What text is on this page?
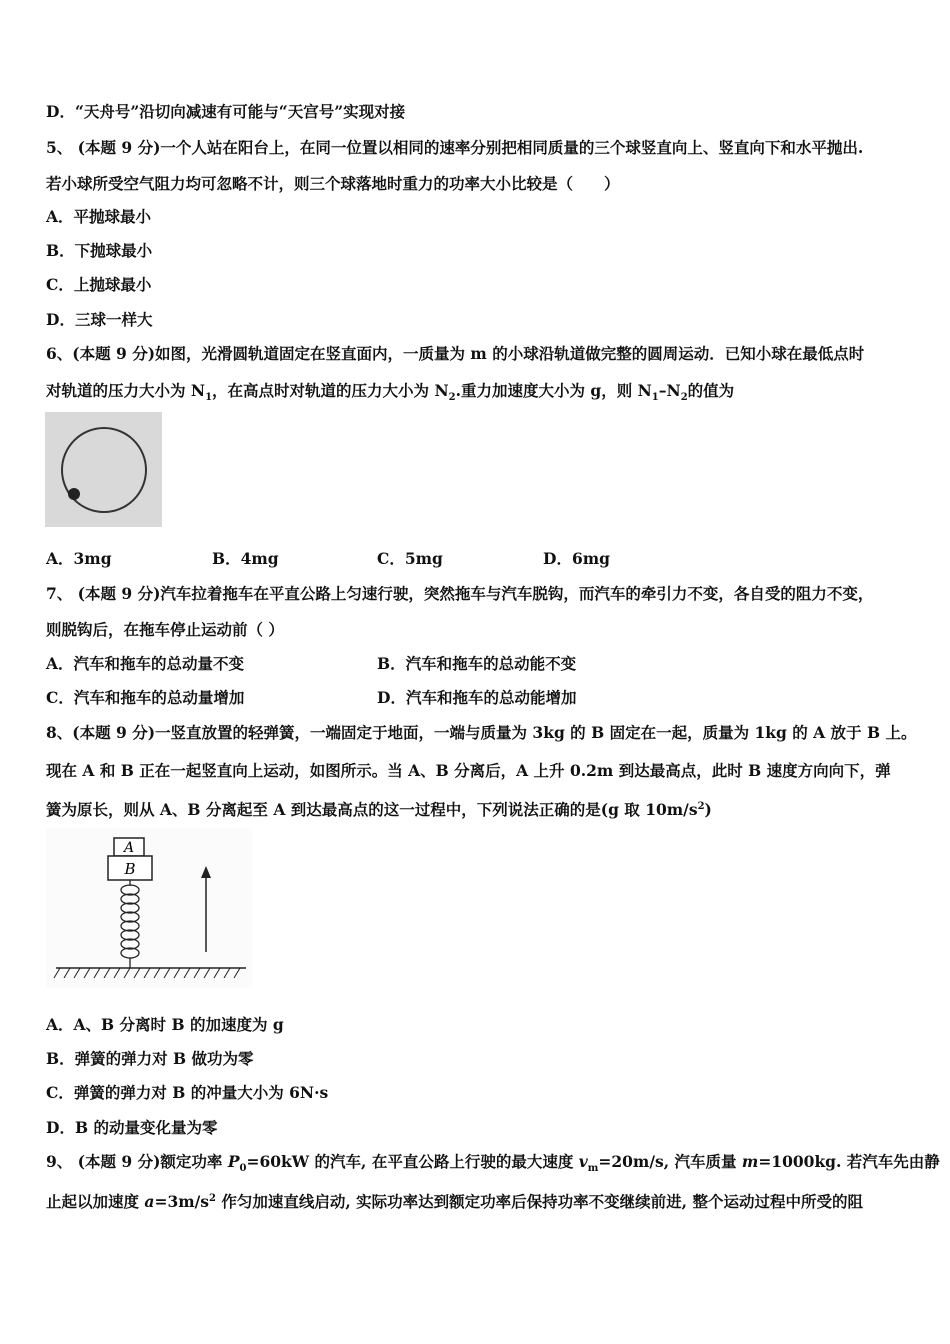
D．“天舟号”沿切向减速有可能与“天宫号”实现对接
5、 (本题 9 分)一个人站在阳台上，在同一位置以相同的速率分别把相同质量的三个球竖直向上、竖直向下和水平抛出.
若小球所受空气阻力均可忽略不计，则三个球落地时重力的功率大小比较是（　　）
A．平抛球最小
B．下抛球最小
C．上抛球最小
D．三球一样大
6、(本题 9 分)如图，光滑圆轨道固定在竖直面内，一质量为 m 的小球沿轨道做完整的圆周运动．已知小球在最低点时
对轨道的压力大小为 $N_1$，在高点时对轨道的压力大小为 $N_2$.重力加速度大小为 g，则 $N_1-N_2$的值为
A．3mg	B．4mg	C．5mg	D．6mg
7、 (本题 9 分)汽车拉着拖车在平直公路上匀速行驶，突然拖车与汽车脱钩，而汽车的牵引力不变，各自受的阻力不变，
则脱钩后，在拖车停止运动前（ ）
A．汽车和拖车的总动量不变	B．汽车和拖车的总动能不变
C．汽车和拖车的总动量增加	D．汽车和拖车的总动能增加
8、(本题 9 分)一竖直放置的轻弹簧，一端固定于地面，一端与质量为 3kg 的 B 固定在一起，质量为 1kg 的 A 放于 B 上。
现在 A 和 B 正在一起竖直向上运动，如图所示。当 A、B 分离后，A 上升 0.2m 到达最高点，此时 B 速度方向向下，弹
簧为原长，则从 A、B 分离起至 A 到达最高点的这一过程中，下列说法正确的是(g 取 $10m/s^2$)
A
B
A．A、B 分离时 B 的加速度为 g
B．弹簧的弹力对 B 做功为零
C．弹簧的弹力对 B 的冲量大小为 6N·s
D．B 的动量变化量为零
9、 (本题 9 分)额定功率 $P_0=60kW$ 的汽车, 在平直公路上行驶的最大速度 $v_m=20m/s$, 汽车质量 m=1000kg. 若汽车先由静
止起以加速度 $a=3m/s^2$ 作匀加速直线启动, 实际功率达到额定功率后保持功率不变继续前进, 整个运动过程中所受的阻
